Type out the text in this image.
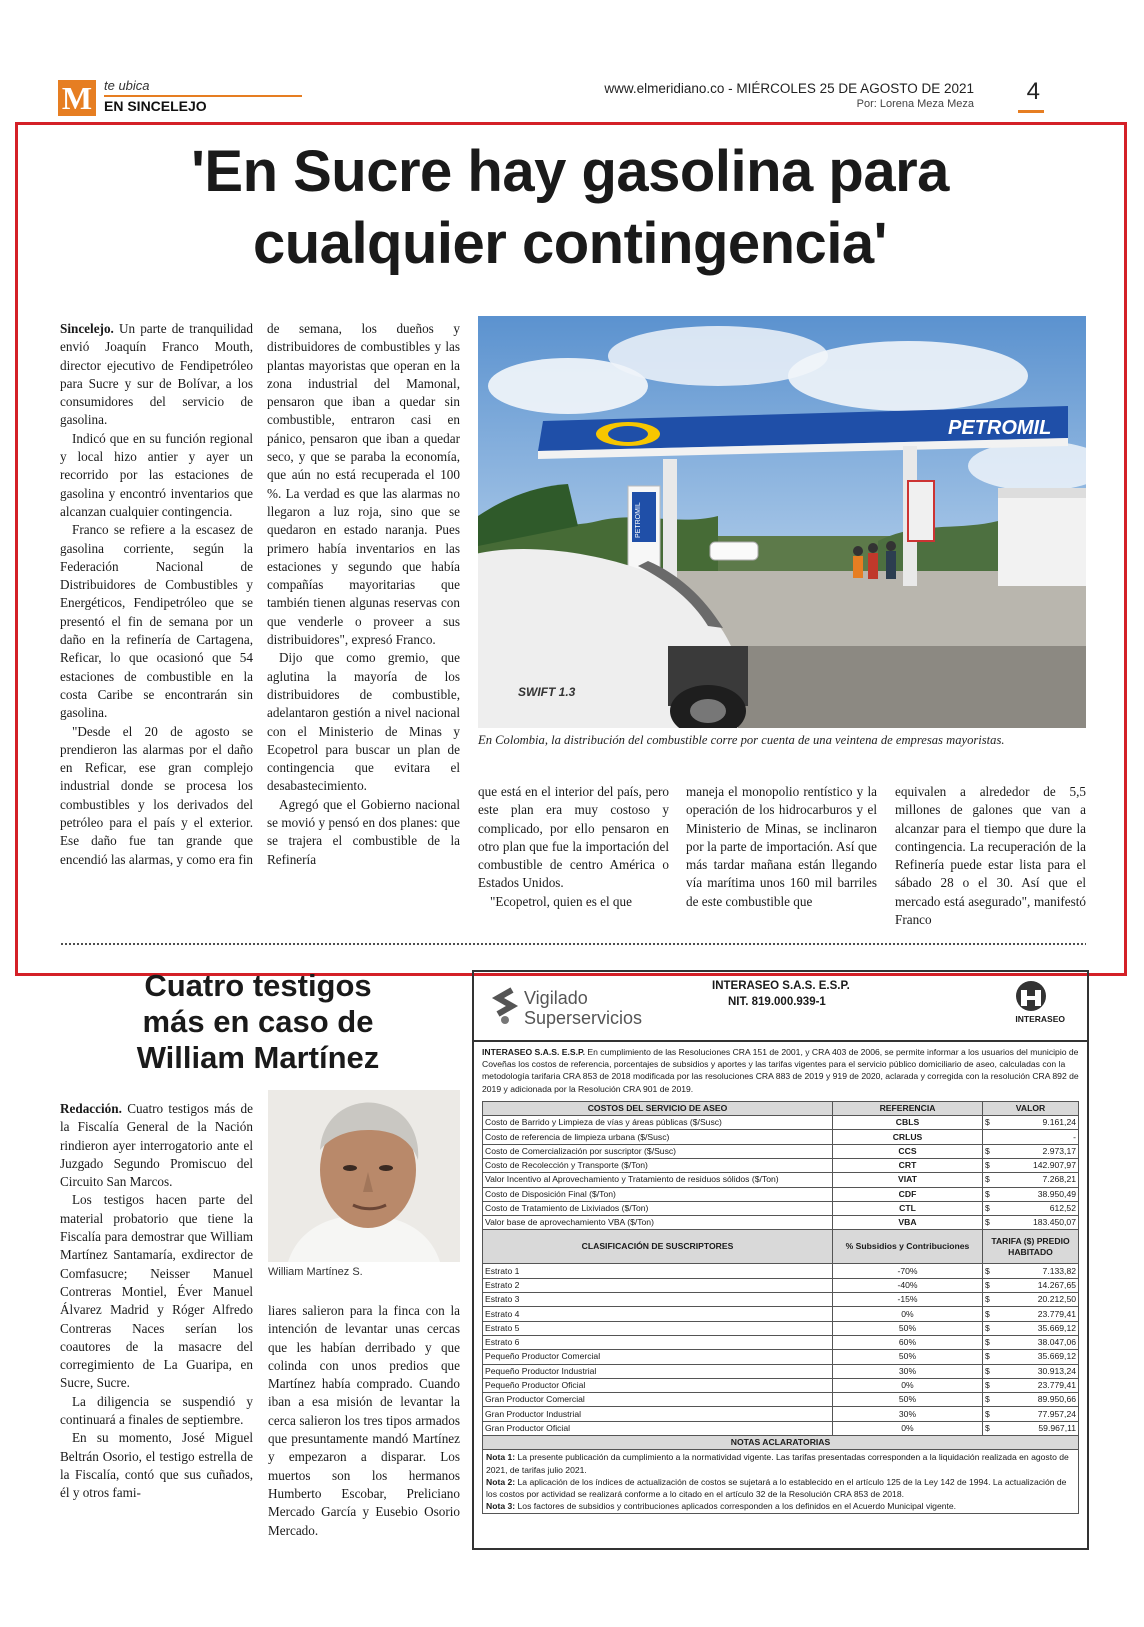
M te ubica
EN SINCELEJO
www.elmeridiano.co - MIÉRCOLES 25 DE AGOSTO DE 2021
Por: Lorena Meza Meza 4
'En Sucre hay gasolina para
cualquier contingencia'

Sincelejo. Un parte de tranquilidad envió Joaquín Franco Mouth, director ejecutivo de Fendipetróleo para Sucre y sur de Bolívar, a los consumidores del servicio de gasolina.

Indicó que en su función regional y local hizo antier y ayer un recorrido por las estaciones de gasolina y encontró inventarios que alcanzan cualquier contingencia.

Franco se refiere a la escasez de gasolina corriente, según la Federación Nacional de Distribuidores de Combustibles y Energéticos, Fendipetróleo que se presentó el fin de semana por un daño en la refinería de Cartagena, Reficar, lo que ocasionó que 54 estaciones de combustible en la costa Caribe se encontrarán sin gasolina.

"Desde el 20 de agosto se prendieron las alarmas por el daño en Reficar, ese gran complejo industrial donde se procesa los combustibles y los derivados del petróleo para el país y el exterior. Ese daño fue tan grande que encendió las alarmas, y como era fin

de semana, los dueños y distribuidores de combustibles y las plantas mayoristas que operan en la zona industrial del Mamonal, pensaron que iban a quedar sin combustible, entraron casi en pánico, pensaron que iban a quedar seco, y que se paraba la economía, que aún no está recuperada el 100 %. La verdad es que las alarmas no llegaron a luz roja, sino que se quedaron en estado naranja. Pues primero había inventarios en las estaciones y segundo que había compañías mayoritarias que también tienen algunas reservas con que venderle o proveer a sus distribuidores", expresó Franco.

Dijo que como gremio, que aglutina la mayoría de los distribuidores de combustible, adelantaron gestión a nivel nacional con el Ministerio de Minas y Ecopetrol para buscar un plan de contingencia que evitara el desabastecimiento.

Agregó que el Gobierno nacional se movió y pensó en dos planes: que se trajera el combustible de la Refinería

PETROMIL
PETROMIL
SWIFT 1.3
En Colombia, la distribución del combustible corre por cuenta de una veintena de empresas mayoristas.

que está en el interior del país, pero este plan era muy costoso y complicado, por ello pensaron en otro plan que fue la importación del combustible de centro América o Estados Unidos.

"Ecopetrol, quien es el que

maneja el monopolio rentístico y la operación de los hidrocarburos y el Ministerio de Minas, se inclinaron por la parte de importación. Así que más tardar mañana están llegando vía marítima unos 160 mil barriles de este combustible que

equivalen a alrededor de 5,5 millones de galones que van a alcanzar para el tiempo que dure la contingencia. La recuperación de la Refinería puede estar lista para el sábado 28 o el 30. Así que el mercado está asegurado", manifestó Franco

Cuatro testigos
más en caso de
William Martínez

Redacción. Cuatro testigos más de la Fiscalía General de la Nación rindieron ayer interrogatorio ante el Juzgado Segundo Promiscuo del Circuito San Marcos.

Los testigos hacen parte del material probatorio que tiene la Fiscalía para demostrar que William Martínez Santamaría, exdirector de Comfasucre; Neisser Manuel Contreras Montiel, Éver Manuel Álvarez Madrid y Róger Alfredo Contreras Naces serían los coautores de la masacre del corregimiento de La Guaripa, en Sucre, Sucre.

La diligencia se suspendió y continuará a finales de septiembre.

En su momento, José Miguel Beltrán Osorio, el testigo estrella de la Fiscalía, contó que sus cuñados, él y otros fami-

William Martínez S.

liares salieron para la finca con la intención de levantar unas cercas que les habían derribado y que colinda con unos predios que Martínez había comprado. Cuando iban a esa misión de levantar la cerca salieron los tres tipos armados que presuntamente mandó Martínez y empezaron a disparar. Los muertos son los hermanos Humberto Escobar, Preliciano Mercado García y Eusebio Osorio Mercado.

Vigilado
Superservicios
INTERASEO S.A.S. E.S.P.
NIT. 819.000.939-1
INTERASEO
INTERASEO S.A.S. E.S.P. En cumplimiento de las Resoluciones CRA 151 de 2001, y CRA 403 de 2006, se permite informar a los usuarios del municipio de Coveñas los costos de referencia, porcentajes de subsidios y aportes y las tarifas vigentes para el servicio público domiciliario de aseo, calculadas con la metodología tarifaria CRA 853 de 2018 modificada por las resoluciones CRA 883 de 2019 y 919 de 2020, aclarada y corregida con la resolución CRA 892 de 2019 y adicionada por la Resolución CRA 901 de 2019.
COSTOS DEL SERVICIO DE ASEO	REFERENCIA	VALOR	
Costo de Barrido y Limpieza de vías y áreas públicas ($/Susc)	CBLS	$	9.161,24
Costo de referencia de limpieza urbana ($/Susc)	CRLUS		-
Costo de Comercialización por suscriptor ($/Susc)	CCS	$	2.973,17
Costo de Recolección y Transporte ($/Ton)	CRT	$	142.907,97
Valor Incentivo al Aprovechamiento y Tratamiento de residuos sólidos ($/Ton)	VIAT	$	7.268,21
Costo de Disposición Final ($/Ton)	CDF	$	38.950,49
Costo de Tratamiento de Lixiviados ($/Ton)	CTL	$	612,52
Valor base de aprovechamiento VBA ($/Ton)	VBA	$	183.450,07
CLASIFICACIÓN DE SUSCRIPTORES	% Subsidios y Contribuciones	TARIFA ($) PREDIO HABITADO	
Estrato 1	-70%	$	7.133,82
Estrato 2	-40%	$	14.267,65
Estrato 3	-15%	$	20.212,50
Estrato 4	0%	$	23.779,41
Estrato 5	50%	$	35.669,12
Estrato 6	60%	$	38.047,06
Pequeño Productor Comercial	50%	$	35.669,12
Pequeño Productor Industrial	30%	$	30.913,24
Pequeño Productor Oficial	0%	$	23.779,41
Gran Productor Comercial	50%	$	89.950,66
Gran Productor Industrial	30%	$	77.957,24
Gran Productor Oficial	0%	$	59.967,11
NOTAS ACLARATORIAS			
Nota 1: La presente publicación da cumplimiento a la normatividad vigente. Las tarifas presentadas corresponden a la liquidación realizada en agosto de 2021, de tarifas julio 2021.
Nota 2: La aplicación de los índices de actualización de costos se sujetará a lo establecido en el artículo 125 de la Ley 142 de 1994. La actualización de los costos por actividad se realizará conforme a lo citado en el artículo 32 de la Resolución CRA 853 de 2018.
Nota 3: Los factores de subsidios y contribuciones aplicados corresponden a los definidos en el Acuerdo Municipal vigente.
